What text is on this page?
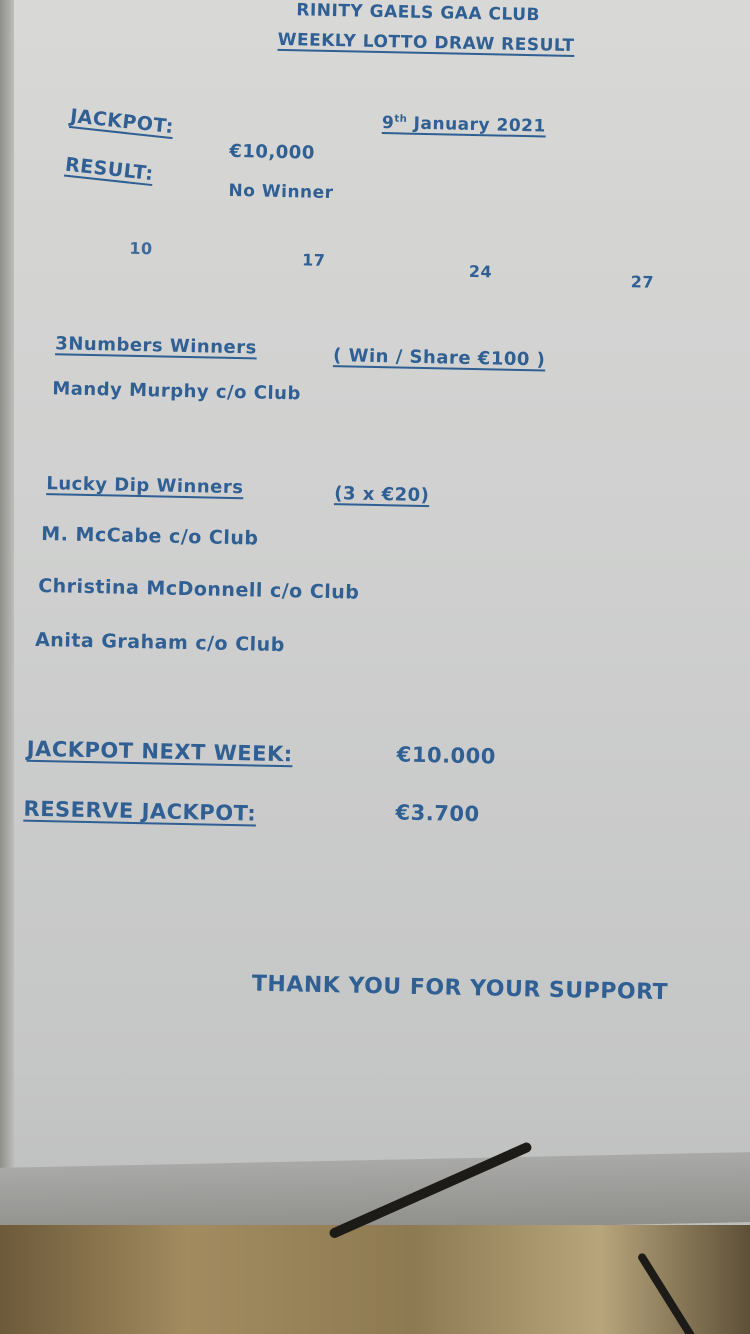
RINITY GAELS GAA CLUB
WEEKLY LOTTO DRAW RESULT
9th January 2021
JACKPOT:
€10,000
RESULT:
No Winner
10
17
24
27
3Numbers Winners	( Win / Share €100 )
Mandy Murphy c/o Club
Lucky Dip Winners	(3 x €20)
M. McCabe c/o Club
Christina McDonnell c/o Club
Anita Graham c/o Club
JACKPOT NEXT WEEK:	€10.000
RESERVE JACKPOT:	€3.700
THANK YOU FOR YOUR SUPPORT
